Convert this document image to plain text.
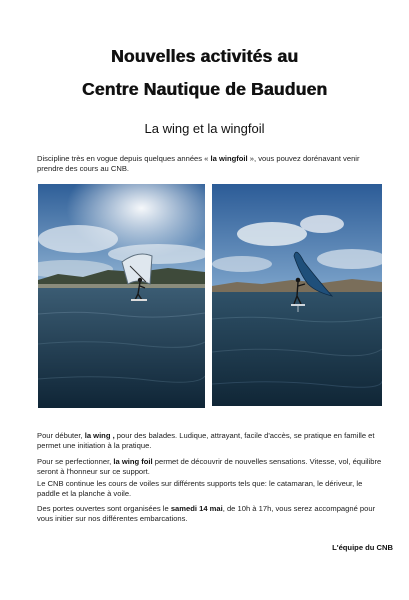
Nouvelles activités au
Centre Nautique de Bauduen
La wing et la wingfoil

Discipline très en vogue depuis quelques années « la wingfoil », vous pouvez dorénavant venir prendre des cours au CNB.

Pour débuter, la wing , pour des balades. Ludique, attrayant, facile d'accès, se pratique en famille et permet une initiation à la pratique.

Pour se perfectionner, la wing foil permet de découvrir de nouvelles sensations. Vitesse, vol, équilibre seront à l'honneur sur ce support.

Le CNB continue les cours de voiles sur différents supports tels que: le catamaran, le dériveur, le paddle et la planche à voile.

Des portes ouvertes sont organisées le samedi 14 mai, de 10h à 17h, vous serez accompagné pour vous initier sur nos différentes embarcations.

L'équipe du CNB
